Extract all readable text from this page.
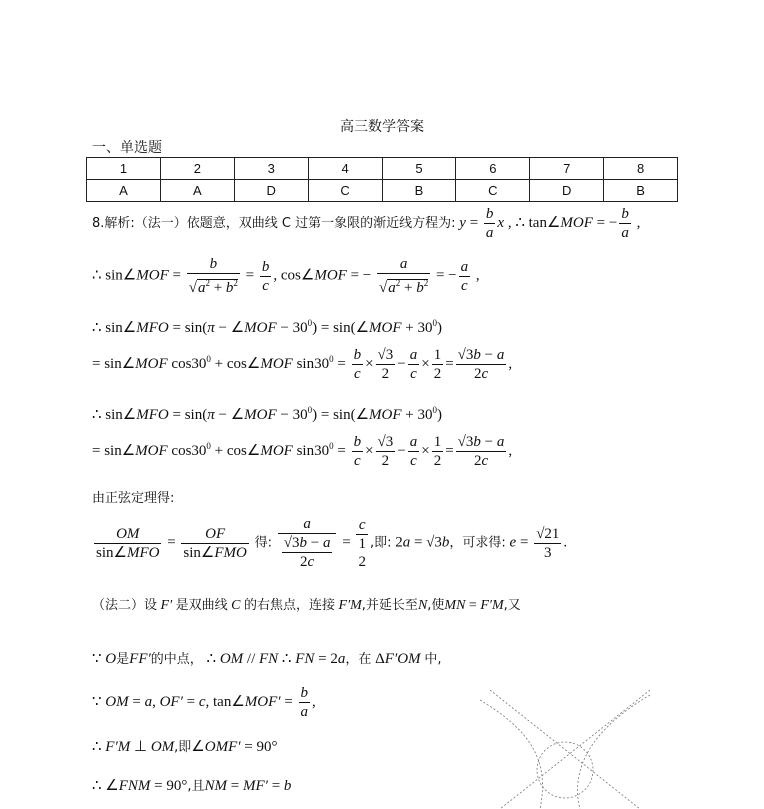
高三数学答案
一、单选题
1	2	3	4	5	6	7	8
A	A	D	C	B	C	D	B
8.解析:（法一）依题意，双曲线 C 过第一象限的渐近线方程为: $y = \frac{b}{a}$ x , ∴ tan∠MOF = − $\frac{b}{a}$ ,
∴ sin∠MOF = $\frac{b}{√a^2 + b^2} = \frac{b}{c}$ , cos∠MOF = − $\frac{a}{√a^2 + b^2}$ = − $\frac{a}{c}$ ,
∴ sin∠MFO = sin(π − ∠MOF − $30^0$) = sin(∠MOF + $30^0$)
= sin∠MOF $\cos 30^0$ + cos∠MOF $\sin 30^0 = \frac{b}{c} \times \frac{√3}{2} - \frac{a}{c} \times \frac{1}{2} = \frac{√3b - a}{2c}$ ,
∴ sin∠MFO = sin(π − ∠MOF − $30^0$) = sin(∠MOF + $30^0$)
= sin∠MOF $\cos 30^0$ + cos∠MOF $\sin 30^0 = \frac{b}{c} \times \frac{√3}{2} - \frac{a}{c} \times \frac{1}{2} = \frac{√3b - a}{2c}$ ,
由正弦定理得:
$\frac{OM}{\text{sin∠MFO}} = \frac{OF}{\text{sin∠FMO}}$ 得: $\frac{a}{\frac{√3b - a}{2c}}$ =
c
1
2
,即: 2a = √3b，可求得: $e = \frac{√21}{3}$ .
（法二）设 F′ 是双曲线 C 的右焦点，连接 F′M,并延长至N,使MN = F′M,又
∵ O是FF′的中点， ∴ OM // FN ∴ FN = 2a，在 ΔF′OM 中,
∵ OM = a, OF′ = c, tan∠MOF′ = $\frac{b}{a}$ ,
∴ F′M ⊥ OM,即∠OMF′ = 90°
∴ ∠FNM = 90°,且NM = MF′ = b
